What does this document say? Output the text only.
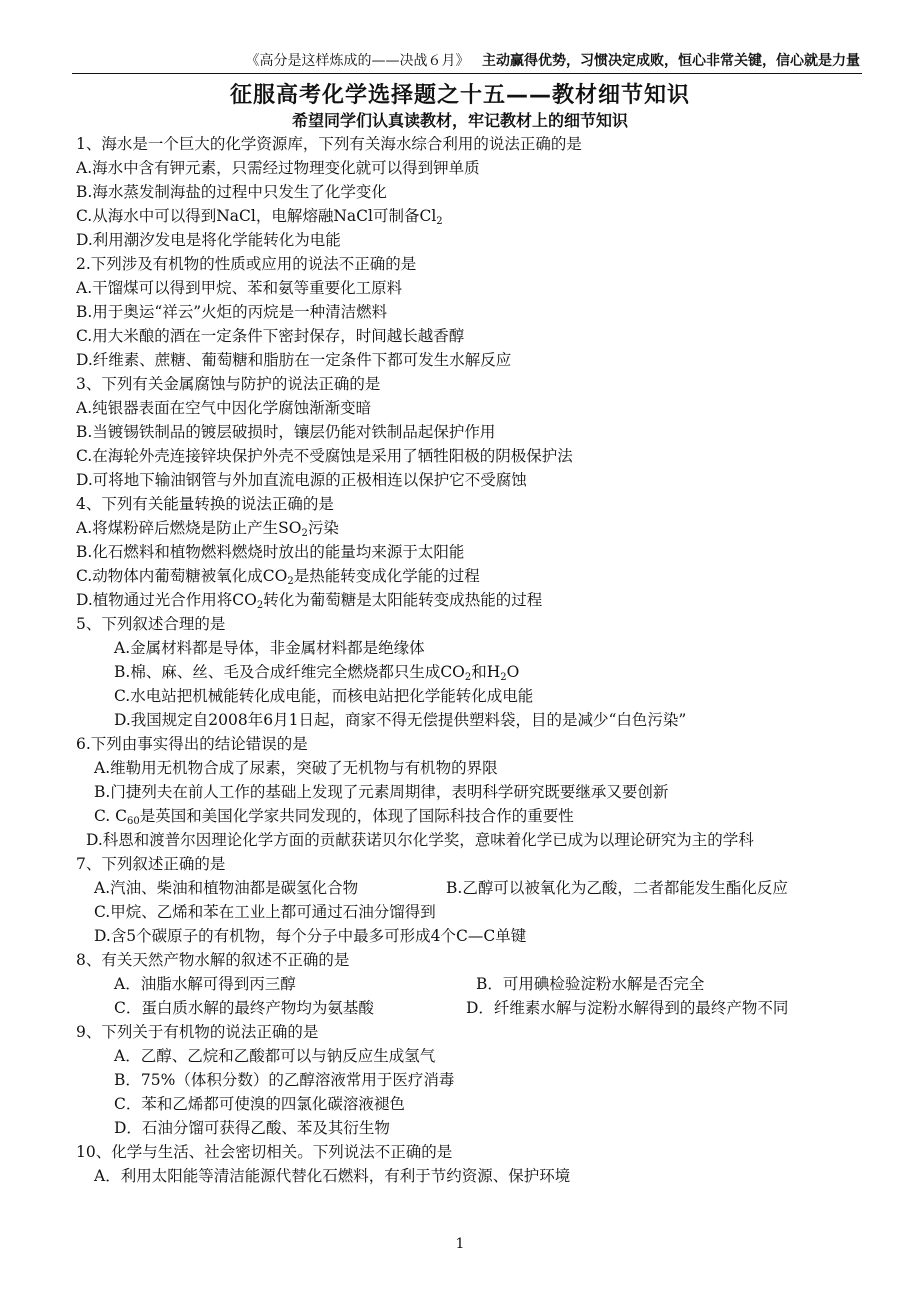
《高分是这样炼成的——决战６月》 主动赢得优势，习惯决定成败，恒心非常关键，信心就是力量
征服高考化学选择题之十五——教材细节知识
希望同学们认真读教材，牢记教材上的细节知识
1、海水是一个巨大的化学资源库，下列有关海水综合利用的说法正确的是
A.海水中含有钾元素，只需经过物理变化就可以得到钾单质
B.海水蒸发制海盐的过程中只发生了化学变化
C.从海水中可以得到NaCl，电解熔融NaCl可制备$Cl_2$
D.利用潮汐发电是将化学能转化为电能
2.下列涉及有机物的性质或应用的说法不正确的是
A.干馏煤可以得到甲烷、苯和氨等重要化工原料
B.用于奥运“祥云”火炬的丙烷是一种清洁燃料
C.用大米酿的酒在一定条件下密封保存，时间越长越香醇
D.纤维素、蔗糖、葡萄糖和脂肪在一定条件下都可发生水解反应
3、下列有关金属腐蚀与防护的说法正确的是
A.纯银器表面在空气中因化学腐蚀渐渐变暗
B.当镀锡铁制品的镀层破损时，镶层仍能对铁制品起保护作用
C.在海轮外壳连接锌块保护外壳不受腐蚀是采用了牺牲阳极的阴极保护法
D.可将地下输油钢管与外加直流电源的正极相连以保护它不受腐蚀
4、下列有关能量转换的说法正确的是
A.将煤粉碎后燃烧是防止产生$SO_2$污染
B.化石燃料和植物燃料燃烧时放出的能量均来源于太阳能
C.动物体内葡萄糖被氧化成$CO_2$是热能转变成化学能的过程
D.植物通过光合作用将$CO_2$转化为葡萄糖是太阳能转变成热能的过程
5、下列叙述合理的是
A.金属材料都是导体，非金属材料都是绝缘体
B.棉、麻、丝、毛及合成纤维完全燃烧都只生成$CO_2$和$H_2O$
C.水电站把机械能转化成电能，而核电站把化学能转化成电能
D.我国规定自2008年6月1日起，商家不得无偿提供塑料袋，目的是减少“白色污染”
6.下列由事实得出的结论错误的是
A.维勒用无机物合成了尿素，突破了无机物与有机物的界限
B.门捷列夫在前人工作的基础上发现了元素周期律，表明科学研究既要继承又要创新
C. $C_{60}$是英国和美国化学家共同发现的，体现了国际科技合作的重要性
D.科恩和渡普尔因理论化学方面的贡献获诺贝尔化学奖，意味着化学已成为以理论研究为主的学科
7、下列叙述正确的是
A.汽油、柴油和植物油都是碳氢化合物	B.乙醇可以被氧化为乙酸，二者都能发生酯化反应
C.甲烷、乙烯和苯在工业上都可通过石油分馏得到
D.含5个碳原子的有机物，每个分子中最多可形成4个C—C单键
8、有关天然产物水解的叙述不正确的是
A．油脂水解可得到丙三醇	B．可用碘检验淀粉水解是否完全
C．蛋白质水解的最终产物均为氨基酸	D．纤维素水解与淀粉水解得到的最终产物不同
9、下列关于有机物的说法正确的是
A．乙醇、乙烷和乙酸都可以与钠反应生成氢气
B．75%（体积分数）的乙醇溶液常用于医疗消毒
C．苯和乙烯都可使溴的四氯化碳溶液褪色
D．石油分馏可获得乙酸、苯及其衍生物
10、化学与生活、社会密切相关。下列说法不正确的是
A．利用太阳能等清洁能源代替化石燃料，有利于节约资源、保护环境
1
